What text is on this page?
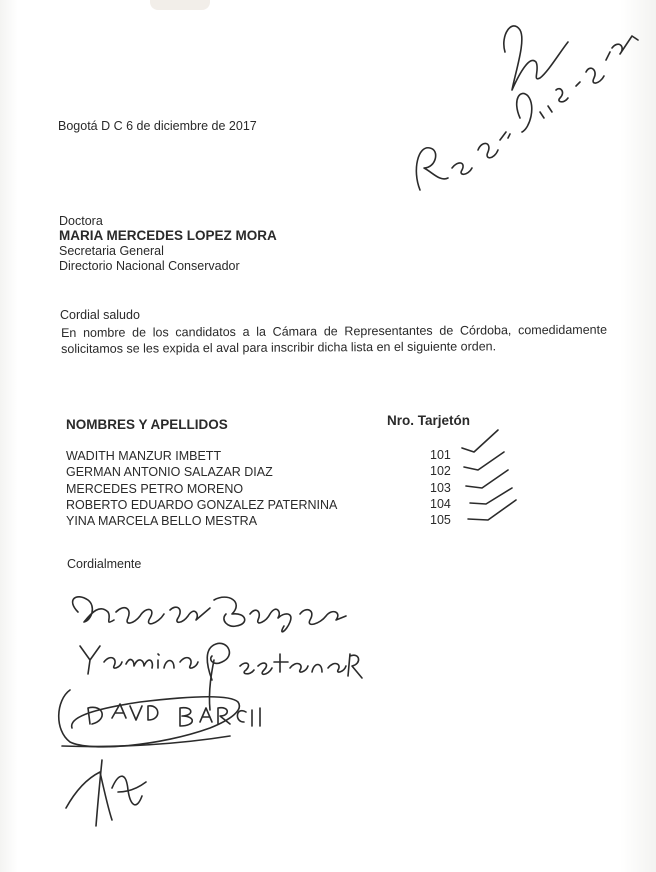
Bogotá D C 6 de diciembre de 2017
Doctora
MARIA MERCEDES LOPEZ MORA
Secretaria General
Directorio Nacional Conservador
Cordial saludo
En nombre de los candidatos a la Cámara de Representantes de Córdoba, comedidamente solicitamos se les expida el aval para inscribir dicha lista en el siguiente orden.
NOMBRES Y APELLIDOS	Nro. Tarjetón
WADITH MANZUR IMBETT	101
GERMAN ANTONIO SALAZAR DIAZ	102
MERCEDES PETRO MORENO	103
ROBERTO EDUARDO GONZALEZ PATERNINA	104
YINA MARCELA BELLO MESTRA	105
Cordialmente
